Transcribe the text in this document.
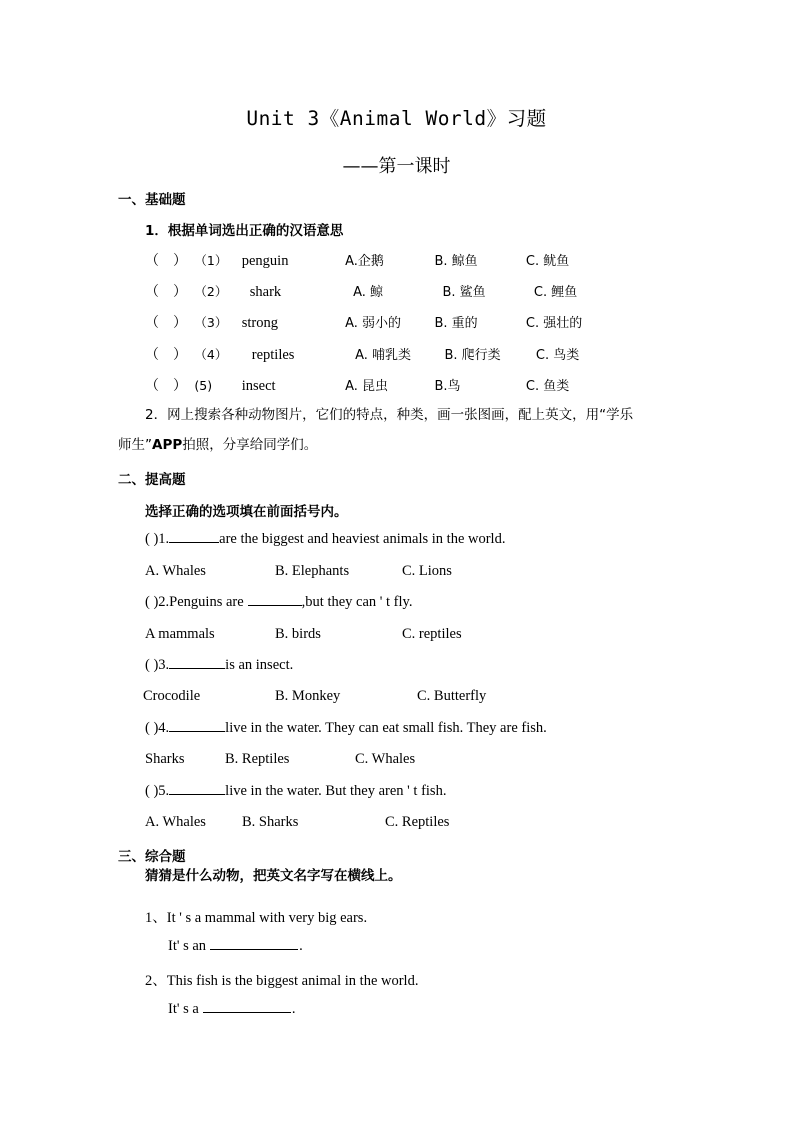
Unit 3《Animal World》习题
——第一课时
一、基础题
1．根据单词选出正确的汉语意思
（　） （1） penguin	A.企鹅	B. 鲸鱼	C. 鱿鱼
（　） （2） shark	A. 鲸	B. 鲨鱼	C. 鲤鱼
（　） （3） strong	A. 弱小的	B. 重的	C. 强壮的
（　） （4） reptiles	A. 哺乳类	B. 爬行类	C. 鸟类
（　） (5) insect	A. 昆虫	B.鸟	C. 鱼类
2．网上搜索各种动物图片，它们的特点，种类，画一张图画，配上英文，用“学乐
师生”APP拍照，分享给同学们。
二、提高题
选择正确的选项填在前面括号内。
( )1.	are the biggest and heaviest animals in the world.
A. Whales	B. Elephants	C. Lions
( )2.Penguins are	,but they can ' t fly.
A mammals	B. birds	C. reptiles
( )3.	is an insect.
Crocodile	B. Monkey	C. Butterfly
( )4.	live in the water. They can eat small fish. They are fish.
Sharks	B. Reptiles	C. Whales
( )5.	live in the water. But they aren ' t fish.
A. Whales B. Sharks	C. Reptiles
三、综合题
猜猜是什么动物，把英文名字写在横线上。
1、It ' s a mammal with very big ears.
It' s an	.
2、This fish is the biggest animal in the world.
It' s a	.
